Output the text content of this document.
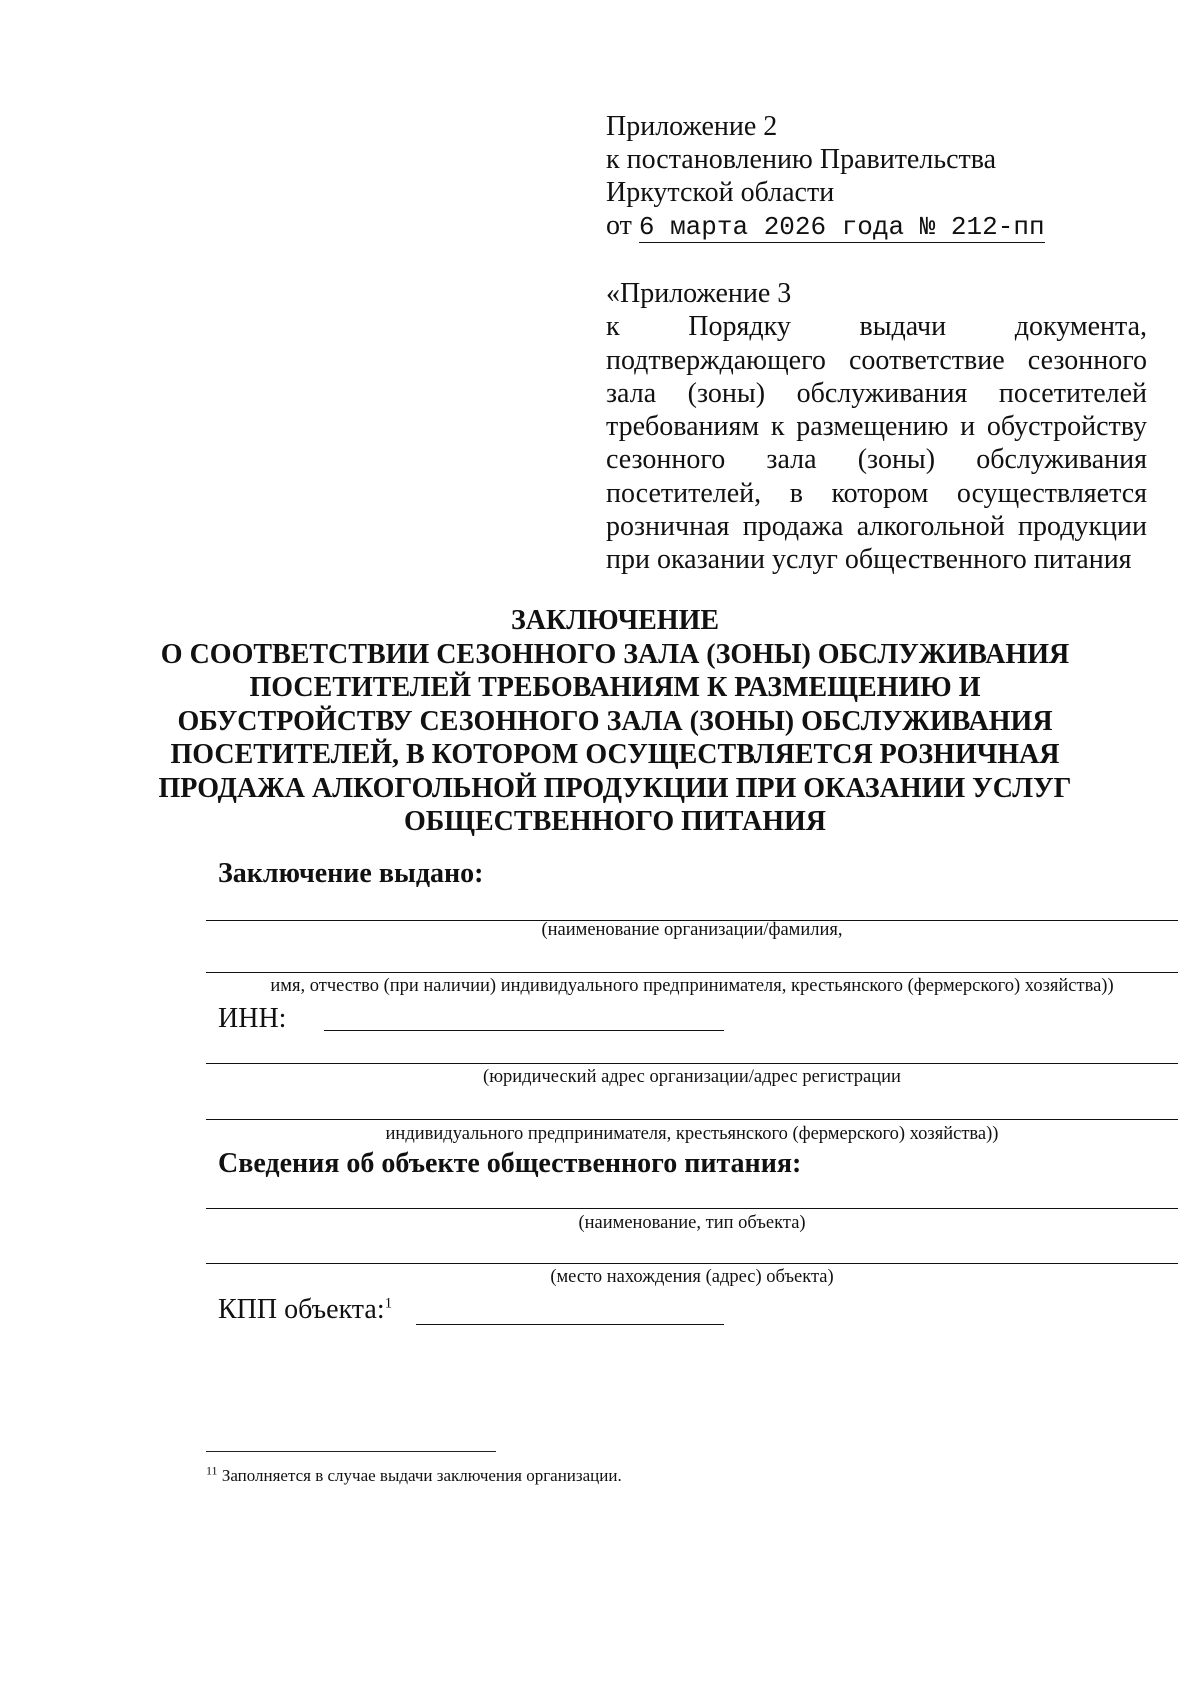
Приложение 2
к постановлению Правительства
Иркутской области
от 6 марта 2026 года № 212-пп
«Приложение 3
к Порядку выдачи документа,
подтверждающего соответствие сезонного
зала (зоны) обслуживания посетителей
требованиям к размещению и обустройству
сезонного зала (зоны) обслуживания
посетителей, в котором осуществляется
розничная продажа алкогольной продукции
при оказании услуг общественного питания
ЗАКЛЮЧЕНИЕ
О СООТВЕТСТВИИ СЕЗОННОГО ЗАЛА (ЗОНЫ) ОБСЛУЖИВАНИЯ
ПОСЕТИТЕЛЕЙ ТРЕБОВАНИЯМ К РАЗМЕЩЕНИЮ И
ОБУСТРОЙСТВУ СЕЗОННОГО ЗАЛА (ЗОНЫ) ОБСЛУЖИВАНИЯ
ПОСЕТИТЕЛЕЙ, В КОТОРОМ ОСУЩЕСТВЛЯЕТСЯ РОЗНИЧНАЯ
ПРОДАЖА АЛКОГОЛЬНОЙ ПРОДУКЦИИ ПРИ ОКАЗАНИИ УСЛУГ
ОБЩЕСТВЕННОГО ПИТАНИЯ
Заключение выдано:
(наименование организации/фамилия,
имя, отчество (при наличии) индивидуального предпринимателя, крестьянского (фермерского) хозяйства))
ИНН:
(юридический адрес организации/адрес регистрации
индивидуального предпринимателя, крестьянского (фермерского) хозяйства))
Сведения об объекте общественного питания:
(наименование, тип объекта)
(место нахождения (адрес) объекта)
КПП объекта:$^1$
$^{11}$ Заполняется в случае выдачи заключения организации.
